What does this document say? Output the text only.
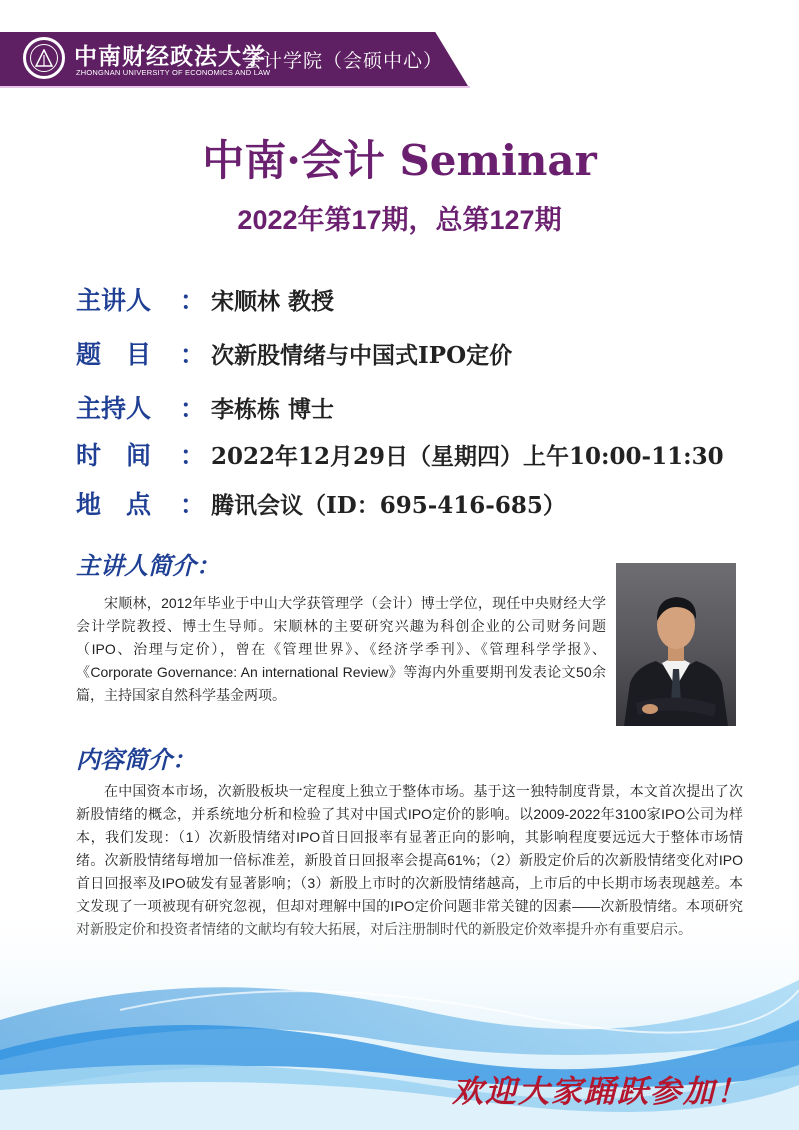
中南财经政法大学
ZHONGNAN UNIVERSITY OF ECONOMICS AND LAW
会计学院（会硕中心）
中南·会计 Seminar
2022年第17期，总第127期
主讲人	： 宋顺林 教授
题　目	： 次新股情绪与中国式IPO定价
主持人	： 李栋栋 博士
时　间	： 2022年12月29日（星期四）上午10:00-11:30
地　点	： 腾讯会议（ID：695-416-685）
主讲人简介：

宋顺林，2012年毕业于中山大学获管理学（会计）博士学位，现任中央财经大学会计学院教授、博士生导师。宋顺林的主要研究兴趣为科创企业的公司财务问题（IPO、治理与定价），曾在《管理世界》、《经济学季刊》、《管理科学学报》、《Corporate Governance: An international Review》等海内外重要期刊发表论文50余篇，主持国家自然科学基金两项。

内容简介：

在中国资本市场，次新股板块一定程度上独立于整体市场。基于这一独特制度背景，本文首次提出了次新股情绪的概念，并系统地分析和检验了其对中国式IPO定价的影响。以2009-2022年3100家IPO公司为样本，我们发现：（1）次新股情绪对IPO首日回报率有显著正向的影响，其影响程度要远远大于整体市场情绪。次新股情绪每增加一倍标准差，新股首日回报率会提高61%；（2）新股定价后的次新股情绪变化对IPO首日回报率及IPO破发有显著影响；（3）新股上市时的次新股情绪越高，上市后的中长期市场表现越差。本

欢迎大家踊跃参加！
